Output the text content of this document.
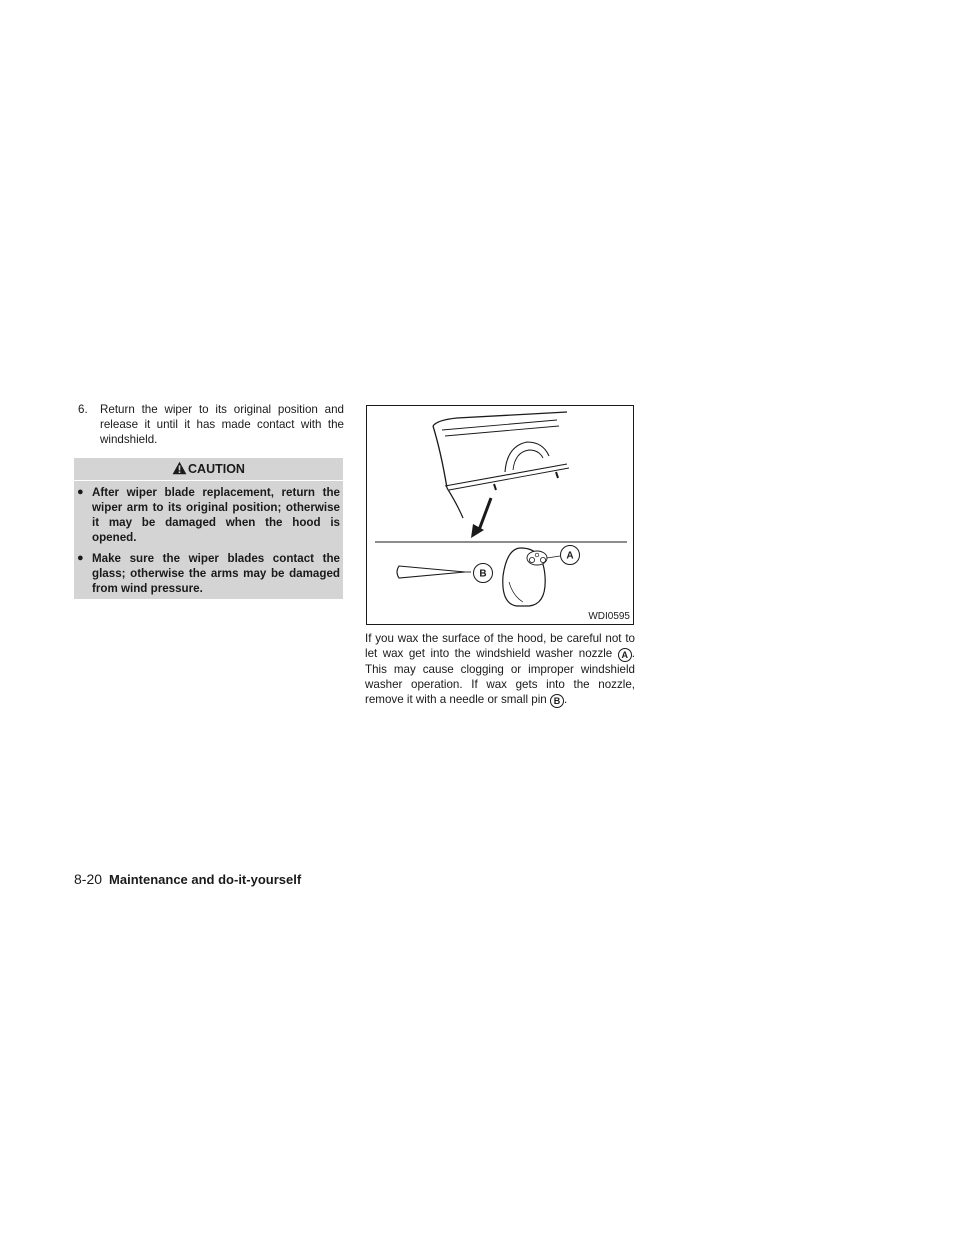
6.	Return the wiper to its original position and release it until it has made contact with the windshield.
CAUTION
● After wiper blade replacement, return the wiper arm to its original position; otherwise it may be damaged when the hood is opened.
● Make sure the wiper blades contact the glass; otherwise the arms may be damaged from wind pressure.
A
B
WDI0595

If you wax the surface of the hood, be careful not to let wax get into the windshield washer nozzle A . This may cause clogging or improper windshield washer operation. If wax gets into the nozzle, remove it with a needle or small pin B .

8-20 Maintenance and do-it-yourself
